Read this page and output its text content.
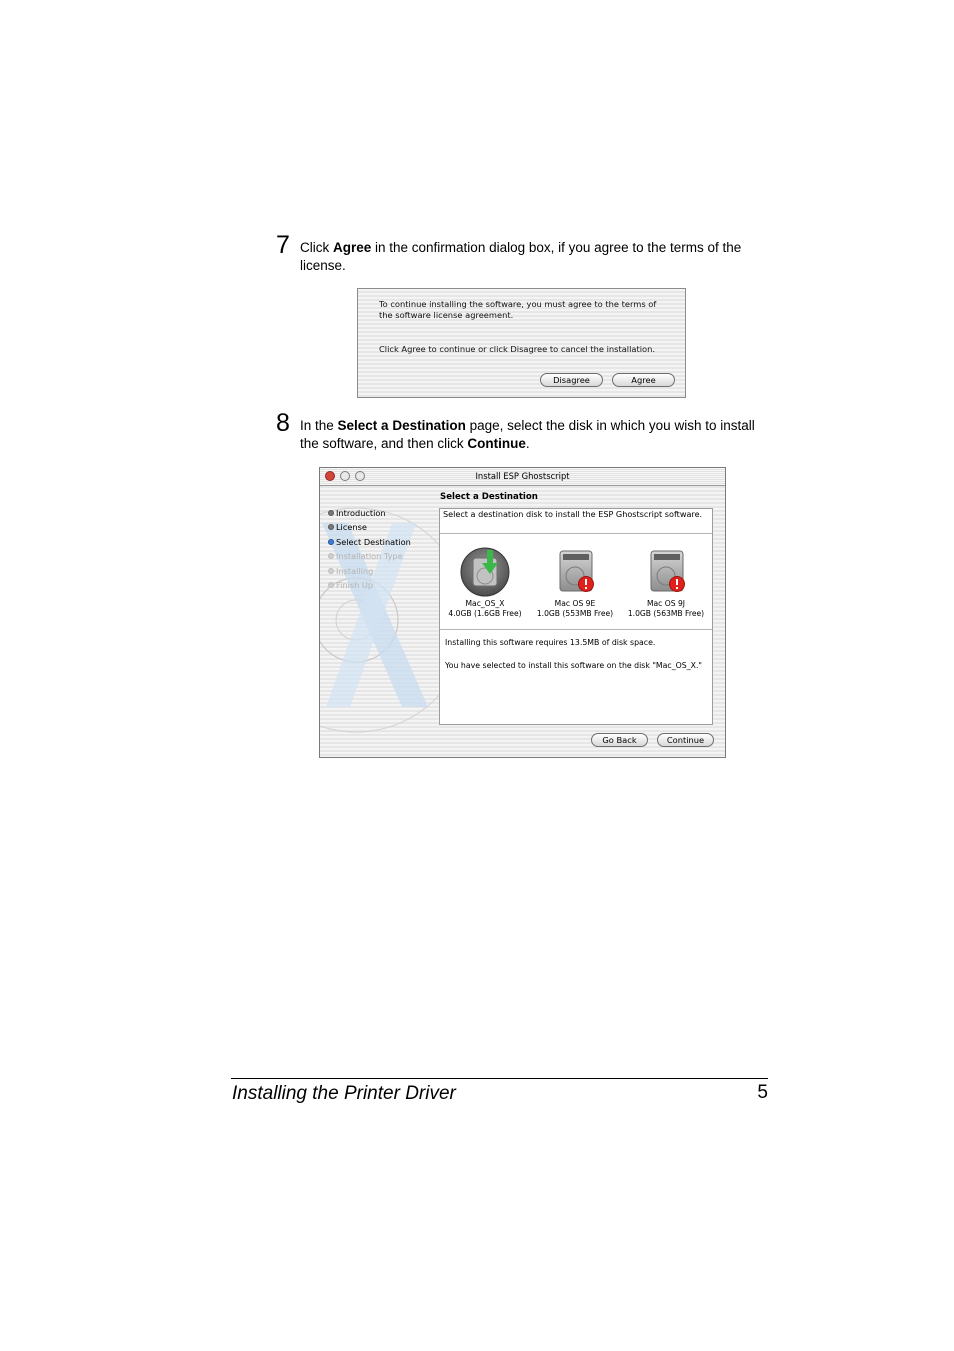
7 Click Agree in the confirmation dialog box, if you agree to the terms of the license.
To continue installing the software, you must agree to the terms of
the software license agreement.
Click Agree to continue or click Disagree to cancel the installation.
Disagree	Agree
8 In the Select a Destination page, select the disk in which you wish to install the software, and then click Continue.
Install ESP Ghostscript
Introduction
License
Select Destination
Installation Type
Installing
Finish Up
Select a Destination
Select a destination disk to install the ESP Ghostscript software.
Mac_OS_X
4.0GB (1.6GB Free)
Mac OS 9E
1.0GB (553MB Free)
Mac OS 9J
1.0GB (563MB Free)
Installing this software requires 13.5MB of disk space.
You have selected to install this software on the disk "Mac_OS_X."
Go Back	Continue
Installing the Printer Driver	5
